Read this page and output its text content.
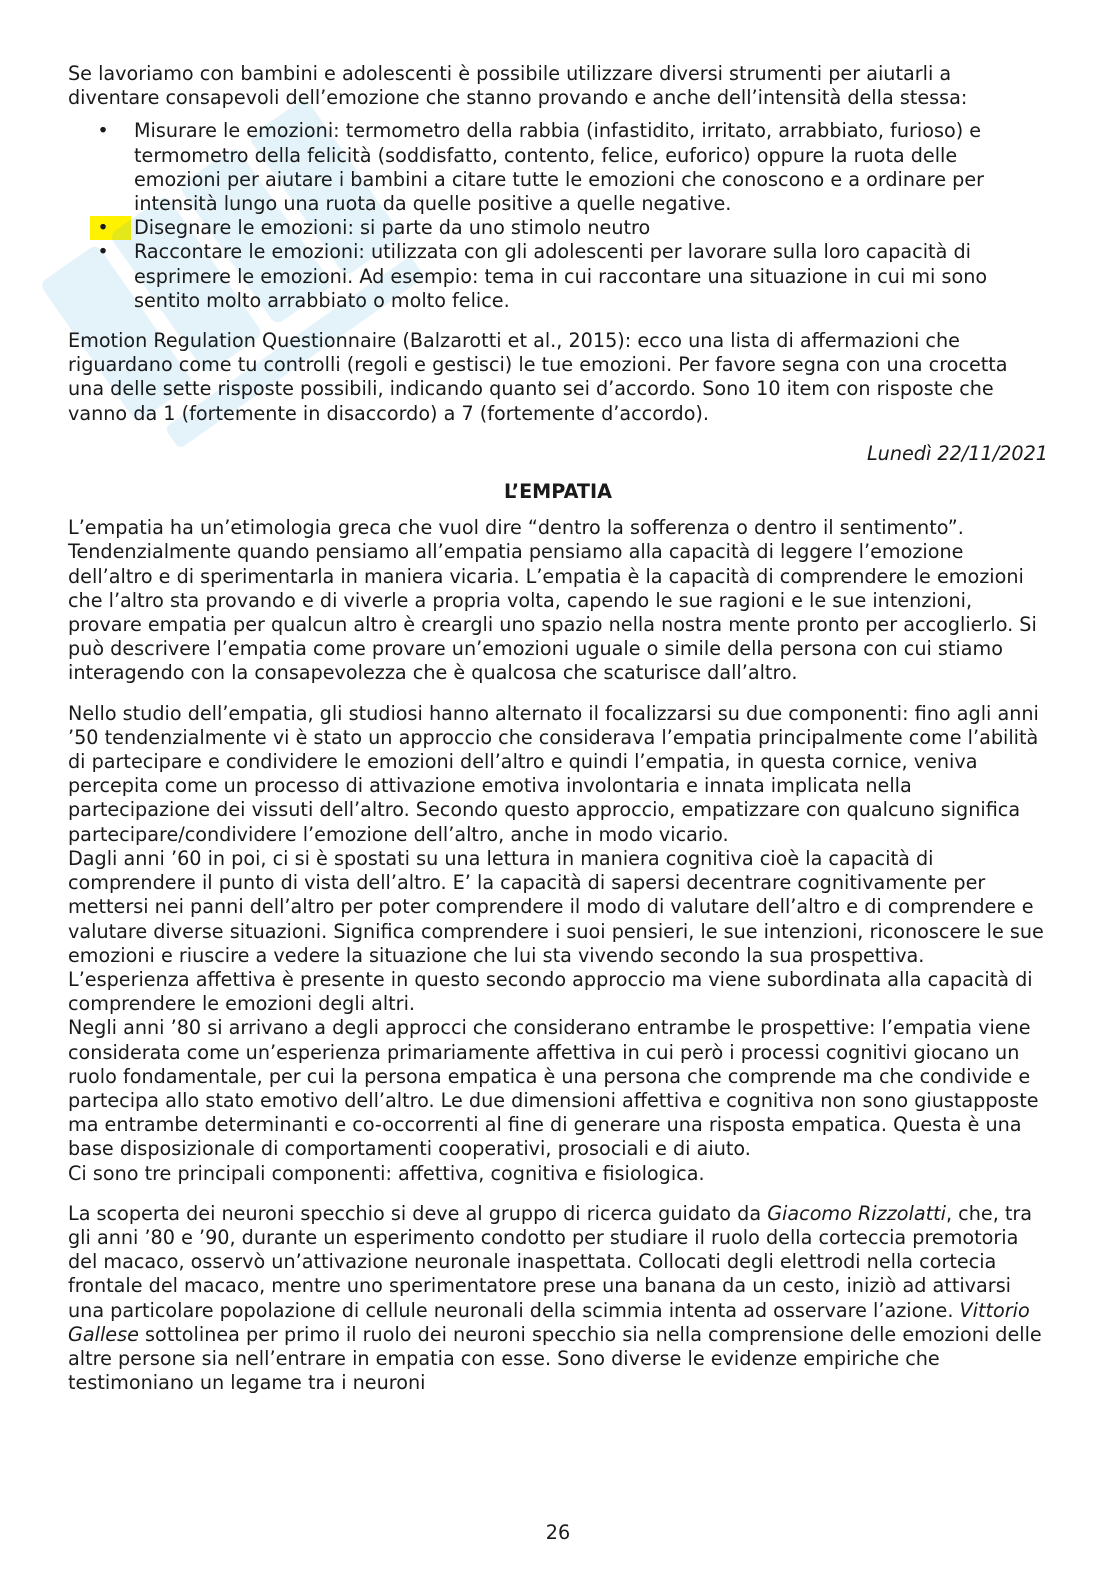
Se lavoriamo con bambini e adolescenti è possibile utilizzare diversi strumenti per aiutarli a diventare consapevoli dell’emozione che stanno provando e anche dell’intensità della stessa:

• Misurare le emozioni: termometro della rabbia (infastidito, irritato, arrabbiato, furioso) e termometro della felicità (soddisfatto, contento, felice, euforico) oppure la ruota delle emozioni per aiutare i bambini a citare tutte le emozioni che conoscono e a ordinare per intensità lungo una ruota da quelle positive a quelle negative.
• Disegnare le emozioni: si parte da uno stimolo neutro
• Raccontare le emozioni: utilizzata con gli adolescenti per lavorare sulla loro capacità di esprimere le emozioni. Ad esempio: tema in cui raccontare una situazione in cui mi sono sentito molto arrabbiato o molto felice.

Emotion Regulation Questionnaire (Balzarotti et al., 2015): ecco una lista di affermazioni che riguardano come tu controlli (regoli e gestisci) le tue emozioni. Per favore segna con una crocetta una delle sette risposte possibili, indicando quanto sei d’accordo. Sono 10 item con risposte che vanno da 1 (fortemente in disaccordo) a 7 (fortemente d’accordo).

Lunedì 22/11/2021

L’EMPATIA

L’empatia ha un’etimologia greca che vuol dire “dentro la sofferenza o dentro il sentimento”. Tendenzialmente quando pensiamo all’empatia pensiamo alla capacità di leggere l’emozione dell’altro e di sperimentarla in maniera vicaria. L’empatia è la capacità di comprendere le emozioni che l’altro sta provando e di viverle a propria volta, capendo le sue ragioni e le sue intenzioni, provare empatia per qualcun altro è creargli uno spazio nella nostra mente pronto per accoglierlo. Si può descrivere l’empatia come provare un’emozioni uguale o simile della persona con cui stiamo interagendo con la consapevolezza che è qualcosa che scaturisce dall’altro.

Nello studio dell’empatia, gli studiosi hanno alternato il focalizzarsi su due componenti: fino agli anni ’50 tendenzialmente vi è stato un approccio che considerava l’empatia principalmente come l’abilità di partecipare e condividere le emozioni dell’altro e quindi l’empatia, in questa cornice, veniva percepita come un processo di attivazione emotiva involontaria e innata implicata nella partecipazione dei vissuti dell’altro. Secondo questo approccio, empatizzare con qualcuno significa partecipare/condividere l’emozione dell’altro, anche in modo vicario.

Dagli anni ’60 in poi, ci si è spostati su una lettura in maniera cognitiva cioè la capacità di comprendere il punto di vista dell’altro. E’ la capacità di sapersi decentrare cognitivamente per mettersi nei panni dell’altro per poter comprendere il modo di valutare dell’altro e di comprendere e valutare diverse situazioni. Significa comprendere i suoi pensieri, le sue intenzioni, riconoscere le sue emozioni e riuscire a vedere la situazione che lui sta vivendo secondo la sua prospettiva. L’esperienza affettiva è presente in questo secondo approccio ma viene subordinata alla capacità di comprendere le emozioni degli altri.

Negli anni ’80 si arrivano a degli approcci che considerano entrambe le prospettive: l’empatia viene considerata come un’esperienza primariamente affettiva in cui però i processi cognitivi giocano un ruolo fondamentale, per cui la persona empatica è una persona che comprende ma che condivide e partecipa allo stato emotivo dell’altro. Le due dimensioni affettiva e cognitiva non sono giustapposte ma entrambe determinanti e co-occorrenti al fine di generare una risposta empatica. Questa è una base disposizionale di comportamenti cooperativi, prosociali e di aiuto.

Ci sono tre principali componenti: affettiva, cognitiva e fisiologica.

La scoperta dei neuroni specchio si deve al gruppo di ricerca guidato da Giacomo Rizzolatti, che, tra gli anni ’80 e ’90, durante un esperimento condotto per studiare il ruolo della corteccia premotoria del macaco, osservò un’attivazione neuronale inaspettata. Collocati degli elettrodi nella cortecia frontale del macaco, mentre uno sperimentatore prese una banana da un cesto, iniziò ad attivarsi una particolare popolazione di cellule neuronali della scimmia intenta ad osservare l’azione. Vittorio Gallese sottolinea per primo il ruolo dei neuroni specchio sia nella comprensione delle emozioni delle altre persone sia nell’entrare in empatia con esse. Sono diverse le evidenze empiriche che testimoniano un legame tra i neuroni

26
